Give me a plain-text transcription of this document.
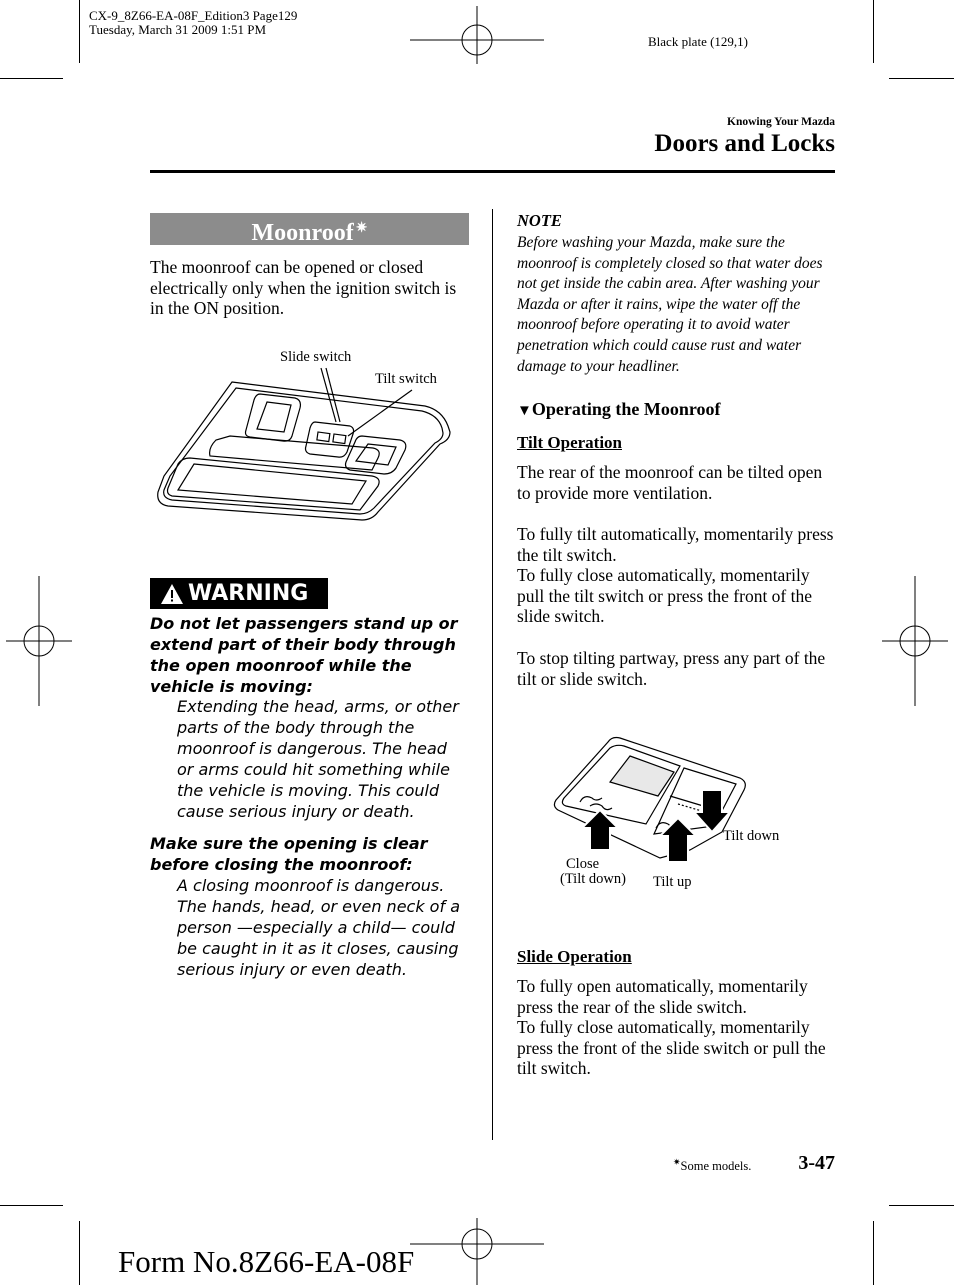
CX-9_8Z66-EA-08F_Edition3 Page129
Tuesday, March 31 2009 1:51 PM
Black plate (129,1)
Knowing Your Mazda
Doors and Locks
Moonroof ✷
The moonroof can be opened or closed electrically only when the ignition switch is in the ON position.
Slide switch
Tilt switch
WARNING
Do not let passengers stand up or extend part of their body through the open moonroof while the vehicle is moving:
Extending the head, arms, or other parts of the body through the moonroof is dangerous. The head or arms could hit something while the vehicle is moving. This could cause serious injury or death.
Make sure the opening is clear before closing the moonroof:
A closing moonroof is dangerous. The hands, head, or even neck of a person —especially a child— could be caught in it as it closes, causing serious injury or even death.
NOTE
Before washing your Mazda, make sure the moonroof is completely closed so that water does not get inside the cabin area. After washing your Mazda or after it rains, wipe the water off the moonroof before operating it to avoid water penetration which could cause rust and water damage to your headliner.
▼Operating the Moonroof
Tilt Operation
The rear of the moonroof can be tilted open to provide more ventilation.
To fully tilt automatically, momentarily press the tilt switch.
To fully close automatically, momentarily pull the tilt switch or press the front of the slide switch.
To stop tilting partway, press any part of the tilt or slide switch.
Tilt down
Close
(Tilt down) Tilt up
Slide Operation
To fully open automatically, momentarily press the rear of the slide switch.
To fully close automatically, momentarily press the front of the slide switch or pull the tilt switch.
✷Some models. 3-47
Form No.8Z66-EA-08F
